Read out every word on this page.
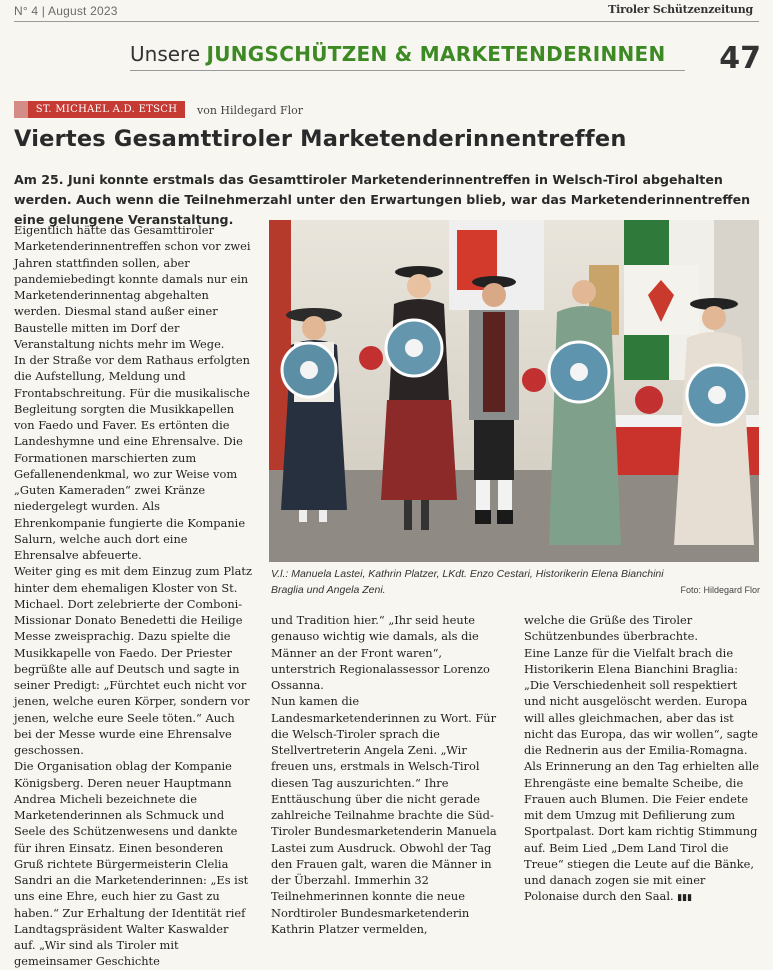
N° 4 | August 2023	Tiroler Schützenzeitung
Unsere JUNGSCHÜTZEN & MARKETENDERINNEN 47
ST. MICHAEL A.D. ETSCH	von Hildegard Flor
Viertes Gesamttiroler Marketenderinnentreffen
Am 25. Juni konnte erstmals das Gesamttiroler Marketenderinnentreffen in Welsch-Tirol abgehalten werden. Auch wenn die Teilnehmerzahl unter den Erwartungen blieb, war das Marketenderinnentreffen eine gelungene Veranstaltung.

Eigentlich hätte das Gesamttiroler Marketenderinnentreffen schon vor zwei Jahren stattfinden sollen, aber pandemiebedingt konnte damals nur ein Marketenderinnentag abgehalten werden. Diesmal stand außer einer Baustelle mitten im Dorf der Veranstaltung nichts mehr im Wege.

In der Straße vor dem Rathaus erfolgten die Aufstellung, Meldung und Frontabschreitung. Für die musikalische Begleitung sorgten die Musikkapellen von Faedo und Faver. Es ertönten die Landeshymne und eine Ehrensalve. Die Formationen marschierten zum Gefallenendenkmal, wo zur Weise vom „Guten Kameraden“ zwei Kränze niedergelegt wurden. Als Ehrenkompanie fungierte die Kompanie Salurn, welche auch dort eine Ehrensalve abfeuerte.

Weiter ging es mit dem Einzug zum Platz hinter dem ehemaligen Kloster von St. Michael. Dort zelebrierte der Comboni-Missionar Donato Benedetti die Heilige Messe zweisprachig. Dazu spielte die Musikkapelle von Faedo. Der Priester begrüßte alle auf Deutsch und sagte in seiner Predigt: „Fürchtet euch nicht vor jenen, welche euren Körper, sondern vor jenen, welche eure Seele töten.“ Auch bei der Messe wurde eine Ehrensalve geschossen.

Die Organisation oblag der Kompanie Königsberg. Deren neuer Hauptmann Andrea Micheli bezeichnete die Marketenderinnen als Schmuck und Seele des Schützenwesens und dankte für ihren Einsatz. Einen besonderen Gruß richtete Bürgermeisterin Clelia Sandri an die Marketenderinnen: „Es ist uns eine Ehre, euch hier zu Gast zu haben.“ Zur Erhaltung der Identität rief Landtagspräsident Walter Kaswalder auf. „Wir sind als Tiroler mit gemeinsamer Geschichte

V.l.: Manuela Lastei, Kathrin Platzer, LKdt. Enzo Cestari, Historikerin Elena Bianchini Braglia und Angela Zeni.	Foto: Hildegard Flor

und Tradition hier.“ „Ihr seid heute genauso wichtig wie damals, als die Männer an der Front waren“, unterstrich Regionalassessor Lorenzo Ossanna.

Nun kamen die Landesmarketenderinnen zu Wort. Für die Welsch-Tiroler sprach die Stellvertreterin Angela Zeni. „Wir freuen uns, erstmals in Welsch-Tirol diesen Tag auszurichten.“ Ihre Enttäuschung über die nicht gerade zahlreiche Teilnahme brachte die Süd-Tiroler Bundesmarketenderin Manuela Lastei zum Ausdruck. Obwohl der Tag den Frauen galt, waren die Männer in der Überzahl. Immerhin 32 Teilnehmerinnen konnte die neue Nordtiroler Bundesmarketenderin Kathrin Platzer vermelden,

welche die Grüße des Tiroler Schützenbundes überbrachte.

Eine Lanze für die Vielfalt brach die Historikerin Elena Bianchini Braglia: „Die Verschiedenheit soll respektiert und nicht ausgelöscht werden. Europa will alles gleichmachen, aber das ist nicht das Europa, das wir wollen“, sagte die Rednerin aus der Emilia-Romagna.

Als Erinnerung an den Tag erhielten alle Ehrengäste eine bemalte Scheibe, die Frauen auch Blumen. Die Feier endete mit dem Umzug mit Defilierung zum Sportpalast. Dort kam richtig Stimmung auf. Beim Lied „Dem Land Tirol die Treue“ stiegen die Leute auf die Bänke, und danach zogen sie mit einer Polonaise durch den Saal. ▮▮▮
